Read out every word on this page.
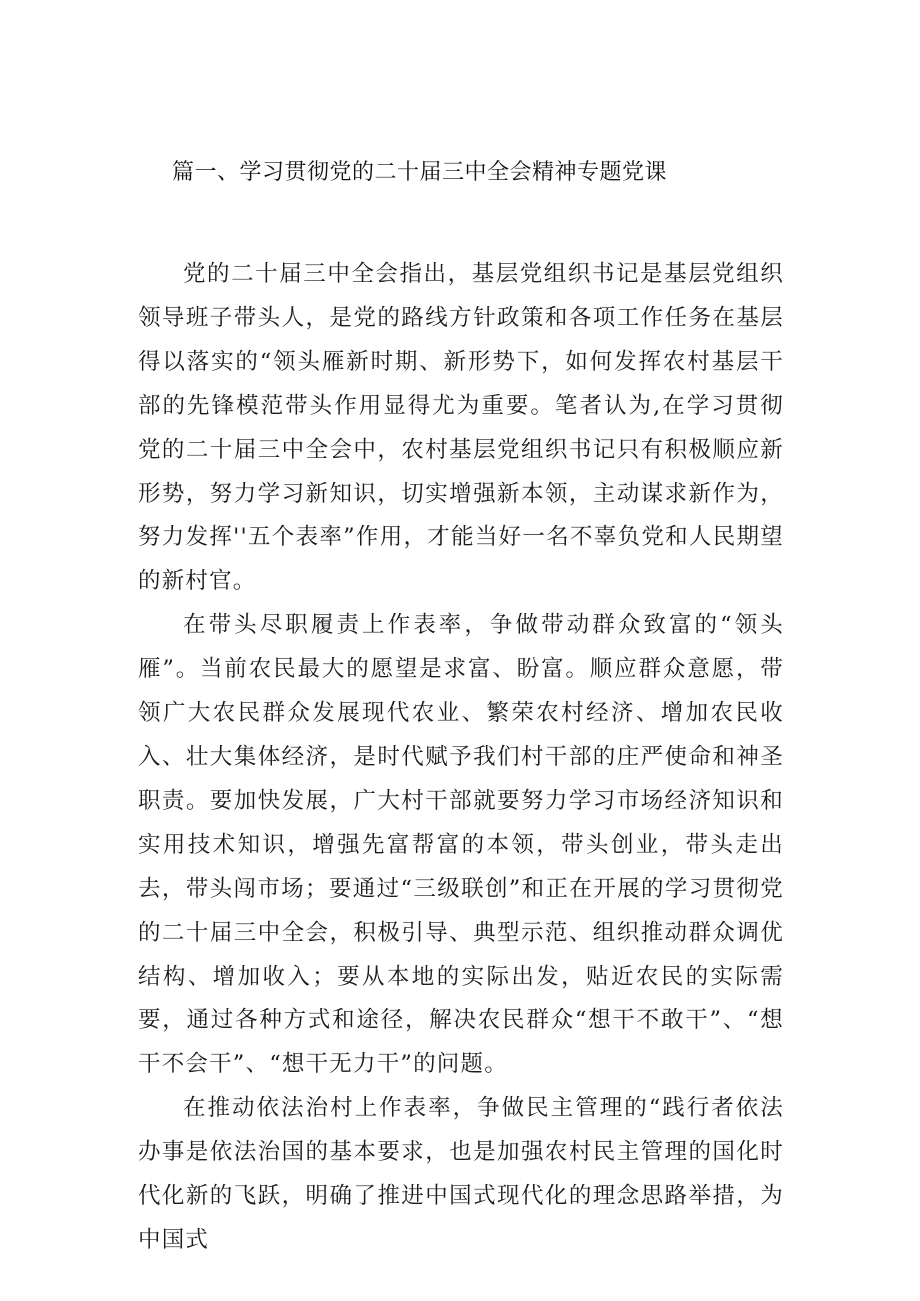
篇一、学习贯彻党的二十届三中全会精神专题党课

党的二十届三中全会指出，基层党组织书记是基层党组织领导班子带头人，是党的路线方针政策和各项工作任务在基层得以落实的“领头雁新时期、新形势下，如何发挥农村基层干部的先锋模范带头作用显得尤为重要。笔者认为,在学习贯彻党的二十届三中全会中，农村基层党组织书记只有积极顺应新形势，努力学习新知识，切实增强新本领，主动谋求新作为，努力发挥''五个表率”作用，才能当好一名不辜负党和人民期望的新村官。

在带头尽职履责上作表率，争做带动群众致富的“领头雁”。当前农民最大的愿望是求富、盼富。顺应群众意愿，带领广大农民群众发展现代农业、繁荣农村经济、增加农民收入、壮大集体经济，是时代赋予我们村干部的庄严使命和神圣职责。要加快发展，广大村干部就要努力学习市场经济知识和实用技术知识，增强先富帮富的本领，带头创业，带头走出去，带头闯市场；要通过“三级联创”和正在开展的学习贯彻党的二十届三中全会，积极引导、典型示范、组织推动群众调优结构、增加收入；要从本地的实际出发，贴近农民的实际需要，通过各种方式和途径，解决农民群众“想干不敢干”、“想干不会干”、“想干无力干”的问题。

在推动依法治村上作表率，争做民主管理的“践行者依法办事是依法治国的基本要求，也是加强农村民主管理的国化时代化新的飞跃，明确了推进中国式现代化的理念思路举措，为中国式
